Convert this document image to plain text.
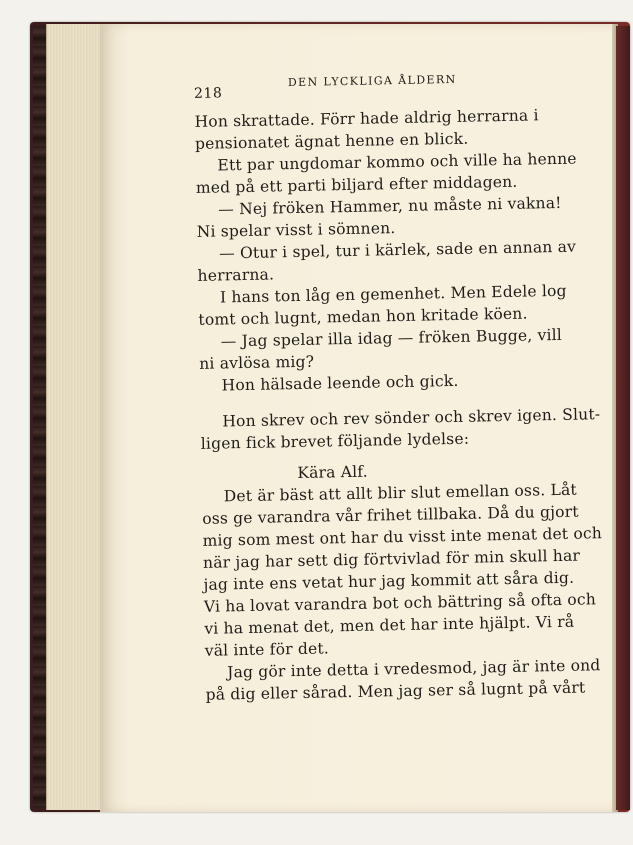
218
DEN LYCKLIGA ÅLDERN
Hon skrattade. Förr hade aldrig herrarna i
pensionatet ägnat henne en blick.
Ett par ungdomar kommo och ville ha henne
med på ett parti biljard efter middagen.
— Nej fröken Hammer, nu måste ni vakna!
Ni spelar visst i sömnen.
— Otur i spel, tur i kärlek, sade en annan av
herrarna.
I hans ton låg en gemenhet. Men Edele log
tomt och lugnt, medan hon kritade köen.
— Jag spelar illa idag — fröken Bugge, vill
ni avlösa mig?
Hon hälsade leende och gick.
Hon skrev och rev sönder och skrev igen. Slut-
ligen fick brevet följande lydelse:
Kära Alf.
Det är bäst att allt blir slut emellan oss. Låt
oss ge varandra vår frihet tillbaka. Då du gjort
mig som mest ont har du visst inte menat det och
när jag har sett dig förtvivlad för min skull har
jag inte ens vetat hur jag kommit att såra dig.
Vi ha lovat varandra bot och bättring så ofta och
vi ha menat det, men det har inte hjälpt. Vi rå
väl inte för det.
Jag gör inte detta i vredesmod, jag är inte ond
på dig eller sårad. Men jag ser så lugnt på vårt
